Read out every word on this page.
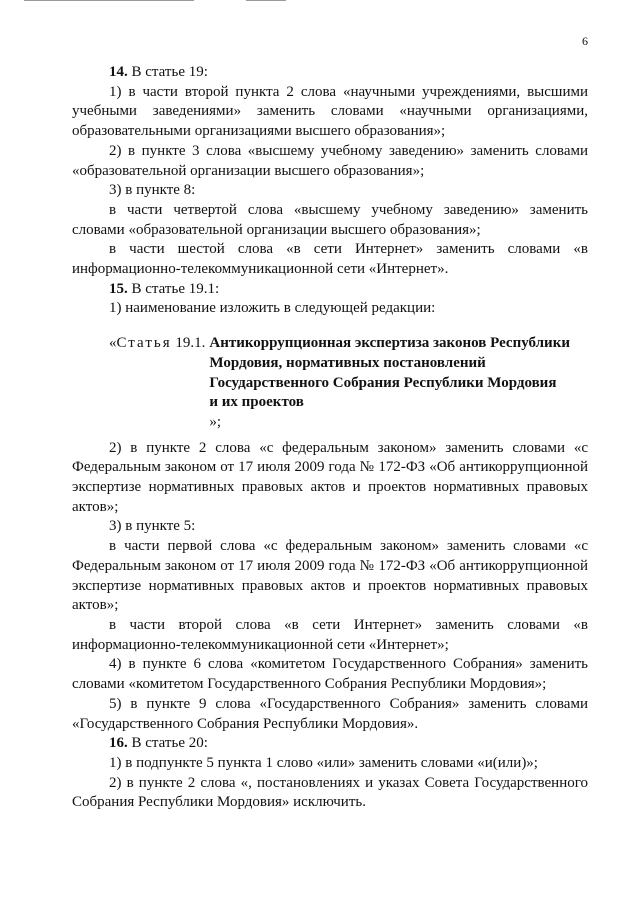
6

14. В статье 19:

1) в части второй пункта 2 слова «научными учреждениями, высшими учебными заведениями» заменить словами «научными организациями, образовательными организациями высшего образования»;

2) в пункте 3 слова «высшему учебному заведению» заменить словами «образовательной организации высшего образования»;

3) в пункте 8:

в части четвертой слова «высшему учебному заведению» заменить словами «образовательной организации высшего образования»;

в части шестой слова «в сети Интернет» заменить словами «в информационно-телекоммуникационной сети «Интернет».

15. В статье 19.1:

1) наименование изложить в следующей редакции:

«Статья 19.1. Антикоррупционная экспертиза законов Республики
Мордовия, нормативных постановлений
Государственного Собрания Республики Мордовия
и их проектов
»;

2) в пункте 2 слова «с федеральным законом» заменить словами «с Федеральным законом от 17 июля 2009 года № 172-ФЗ «Об антикоррупционной экспертизе нормативных правовых актов и проектов нормативных правовых актов»;

3) в пункте 5:

в части первой слова «с федеральным законом» заменить словами «с Федеральным законом от 17 июля 2009 года № 172-ФЗ «Об антикоррупционной экспертизе нормативных правовых актов и проектов нормативных правовых актов»;

в части второй слова «в сети Интернет» заменить словами «в информационно-телекоммуникационной сети «Интернет»;

4) в пункте 6 слова «комитетом Государственного Собрания» заменить словами «комитетом Государственного Собрания Республики Мордовия»;

5) в пункте 9 слова «Государственного Собрания» заменить словами «Государственного Собрания Республики Мордовия».

16. В статье 20:

1) в подпункте 5 пункта 1 слово «или» заменить словами «и(или)»;

2) в пункте 2 слова «, постановлениях и указах Совета Государственного Собрания Республики Мордовия» исключить.
